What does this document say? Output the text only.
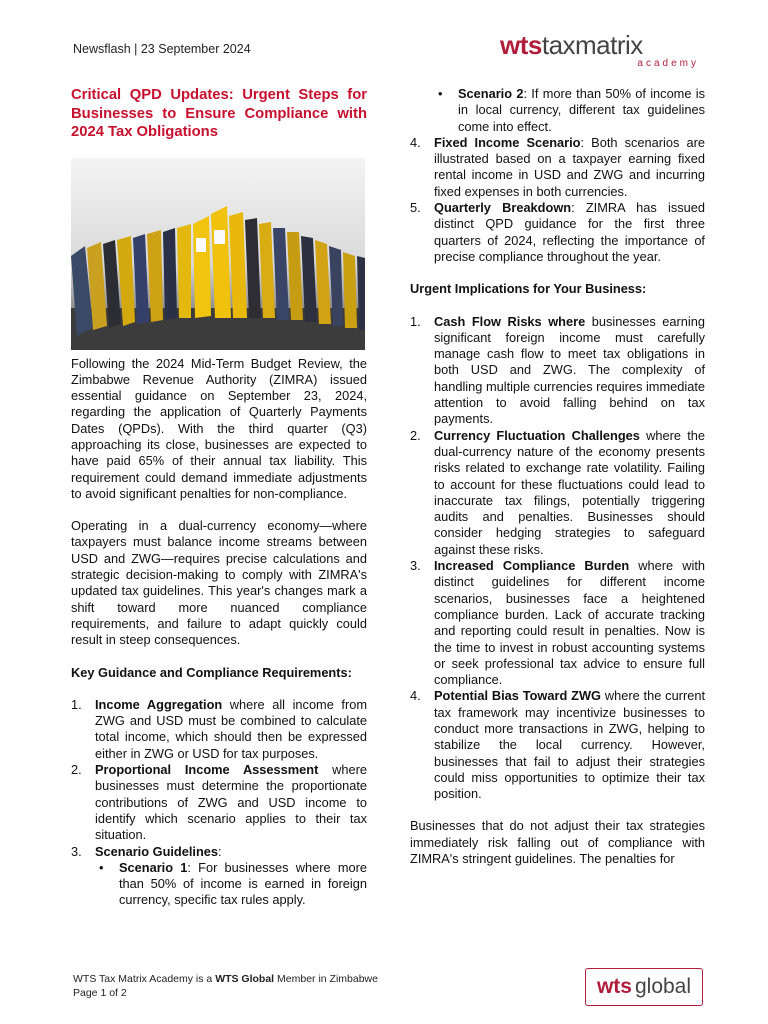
Newsflash | 23 September 2024	wtstaxmatrix
academy
Critical QPD Updates: Urgent Steps for Businesses to Ensure Compliance with 2024 Tax Obligations
Following the 2024 Mid-Term Budget Review, the Zimbabwe Revenue Authority (ZIMRA) issued essential guidance on September 23, 2024, regarding the application of Quarterly Payments Dates (QPDs). With the third quarter (Q3) approaching its close, businesses are expected to have paid 65% of their annual tax liability. This requirement could demand immediate adjustments to avoid significant penalties for non-compliance.
Operating in a dual-currency economy—where taxpayers must balance income streams between USD and ZWG—requires precise calculations and strategic decision-making to comply with ZIMRA's updated tax guidelines. This year's changes mark a shift toward more nuanced compliance requirements, and failure to adapt quickly could result in steep consequences.
Key Guidance and Compliance Requirements:
1. Income Aggregation where all income from ZWG and USD must be combined to calculate total income, which should then be expressed either in ZWG or USD for tax purposes.
2. Proportional Income Assessment where businesses must determine the proportionate contributions of ZWG and USD income to identify which scenario applies to their tax situation.
3. Scenario Guidelines:
• Scenario 1: For businesses where more than 50% of income is earned in foreign currency, specific tax rules apply.
• Scenario 2: If more than 50% of income is in local currency, different tax guidelines come into effect.
4. Fixed Income Scenario: Both scenarios are illustrated based on a taxpayer earning fixed rental income in USD and ZWG and incurring fixed expenses in both currencies.
5. Quarterly Breakdown: ZIMRA has issued distinct QPD guidance for the first three quarters of 2024, reflecting the importance of precise compliance throughout the year.
Urgent Implications for Your Business:
1. Cash Flow Risks where businesses earning significant foreign income must carefully manage cash flow to meet tax obligations in both USD and ZWG. The complexity of handling multiple currencies requires immediate attention to avoid falling behind on tax payments.
2. Currency Fluctuation Challenges where the dual-currency nature of the economy presents risks related to exchange rate volatility. Failing to account for these fluctuations could lead to inaccurate tax filings, potentially triggering audits and penalties. Businesses should consider hedging strategies to safeguard against these risks.
3. Increased Compliance Burden where with distinct guidelines for different income scenarios, businesses face a heightened compliance burden. Lack of accurate tracking and reporting could result in penalties. Now is the time to invest in robust accounting systems or seek professional tax advice to ensure full compliance.
4. Potential Bias Toward ZWG where the current tax framework may incentivize businesses to conduct more transactions in ZWG, helping to stabilize the local currency. However, businesses that fail to adjust their strategies could miss opportunities to optimize their tax position.
Businesses that do not adjust their tax strategies immediately risk falling out of compliance with ZIMRA's stringent guidelines. The penalties for
WTS Tax Matrix Academy is a WTS Global Member in Zimbabwe
Page 1 of 2	wts global
